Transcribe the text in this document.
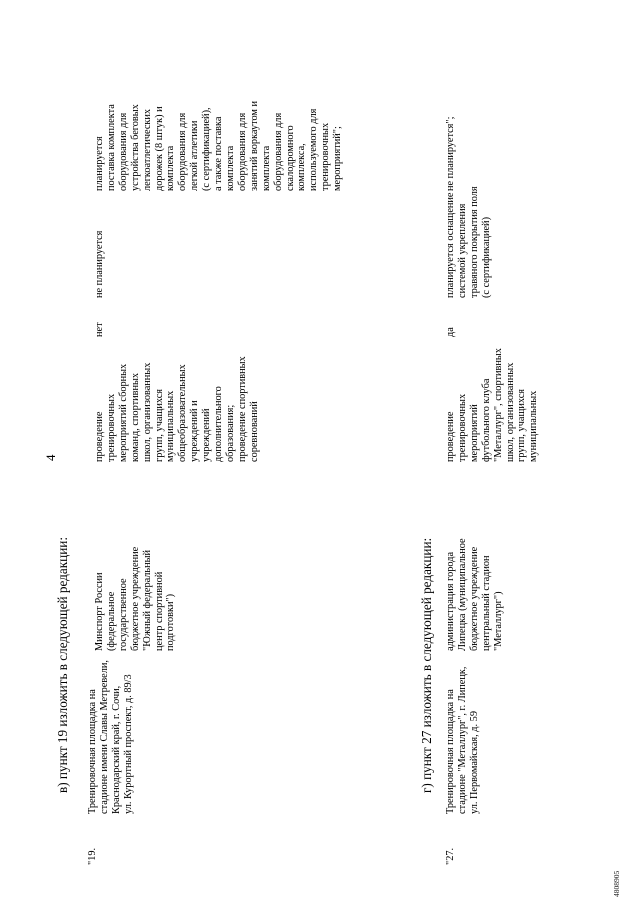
4
в) пункт 19 изложить в следующей редакции:
"19.
Тренировочная площадка на
стадионе имени Славы Метревели,
Краснодарский край, г. Сочи,
ул. Курортный проспект, д. 89/3
Минспорт России
(федеральное
государственное
бюджетное учреждение
"Южный федеральный
центр спортивной
подготовки")
проведение
тренировочных
мероприятий сборных
команд, спортивных
школ, организованных
групп, учащихся
муниципальных
общеобразовательных
учреждений и
учреждений
дополнительного
образования;
проведение спортивных
соревнований
нет
не планируется
планируется
поставка комплекта
оборудования для
устройства беговых
легкоатлетических
дорожек (8 штук) и
комплекта
оборудования для
легкой атлетики
(с сертификацией),
а также поставка
комплекта
оборудования для
занятий воркаутом и
комплекта
оборудования для
скалодромного
комплекса,
используемого для
тренировочных
мероприятий";
г) пункт 27 изложить в следующей редакции:
"27.
Тренировочная площадка на
стадионе "Металлург", г. Липецк,
ул. Первомайская, д. 59
администрация города
Липецка (муниципальное
бюджетное учреждение
центральный стадион
"Металлург")
проведение
тренировочных
мероприятий
футбольного клуба
"Металлург", спортивных
школ, организованных
групп, учащихся
муниципальных
да
планируется оснащение
системой укрепления
травяного покрытия поля
(с сертификацией)
не планируется";
4808905
